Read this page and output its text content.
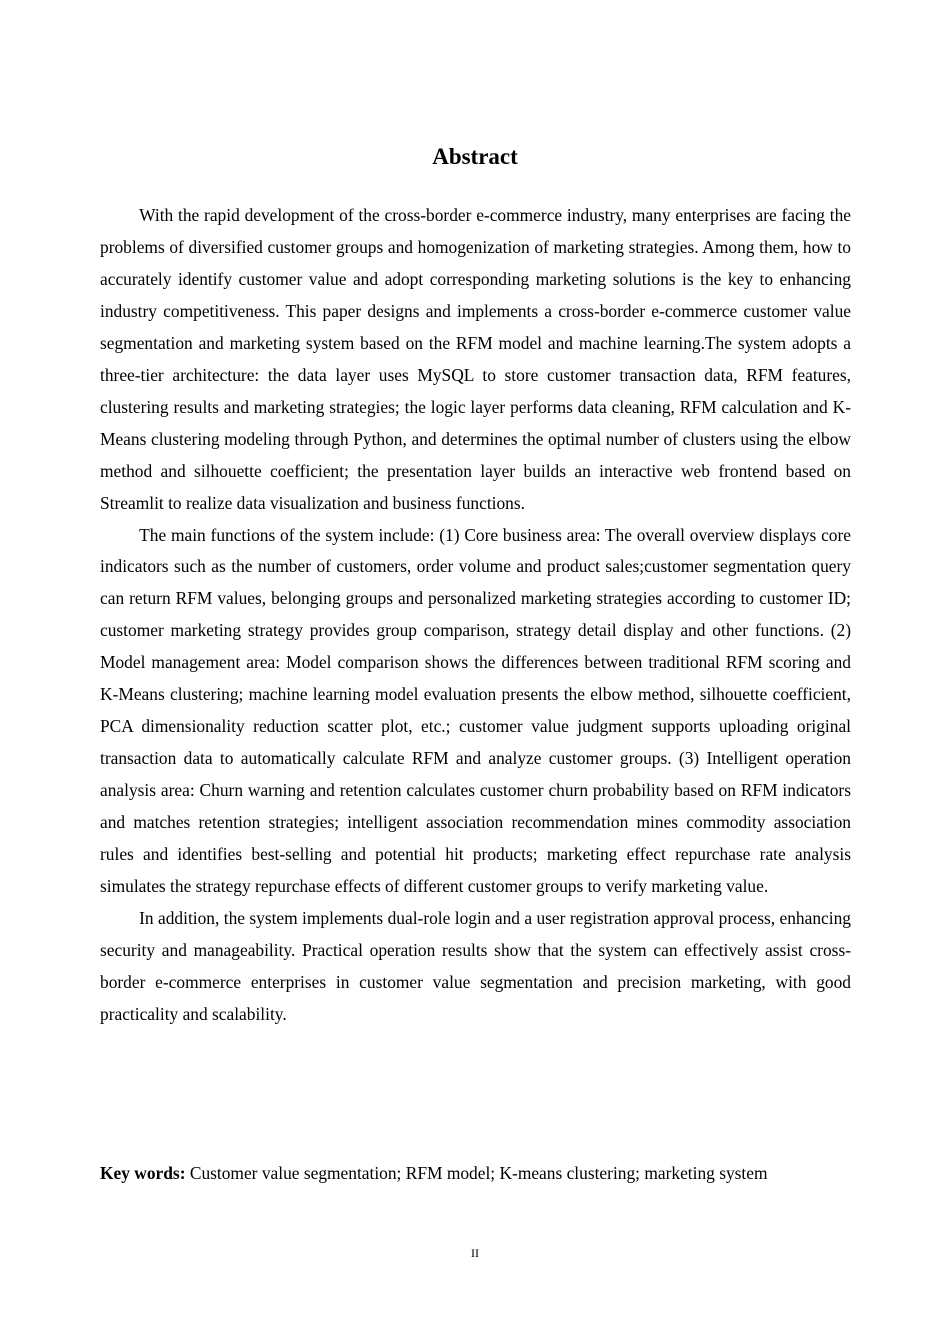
Abstract

With the rapid development of the cross-border e-commerce industry, many enterprises are facing the problems of diversified customer groups and homogenization of marketing strategies. Among them, how to accurately identify customer value and adopt corresponding marketing solutions is the key to enhancing industry competitiveness. This paper designs and implements a cross-border e-commerce customer value segmentation and marketing system based on the RFM model and machine learning.The system adopts a three-tier architecture: the data layer uses MySQL to store customer transaction data, RFM features, clustering results and marketing strategies; the logic layer performs data cleaning, RFM calculation and K-Means clustering modeling through Python, and determines the optimal number of clusters using the elbow method and silhouette coefficient; the presentation layer builds an interactive web frontend based on Streamlit to realize data visualization and business functions.

The main functions of the system include: (1) Core business area: The overall overview displays core indicators such as the number of customers, order volume and product sales;customer segmentation query can return RFM values, belonging groups and personalized marketing strategies according to customer ID; customer marketing strategy provides group comparison, strategy detail display and other functions. (2) Model management area: Model comparison shows the differences between traditional RFM scoring and K-Means clustering; machine learning model evaluation presents the elbow method, silhouette coefficient, PCA dimensionality reduction scatter plot, etc.; customer value judgment supports uploading original transaction data to automatically calculate RFM and analyze customer groups. (3) Intelligent operation analysis area: Churn warning and retention calculates customer churn probability based on RFM indicators and matches retention strategies; intelligent association recommendation mines commodity association rules and identifies best-selling and potential hit products; marketing effect repurchase rate analysis simulates the strategy repurchase effects of different customer groups to verify marketing value.

In addition, the system implements dual-role login and a user registration approval process, enhancing security and manageability. Practical operation results show that the system can effectively assist cross-border e-commerce enterprises in customer value segmentation and precision marketing, with good practicality and scalability.

Key words: Customer value segmentation; RFM model; K-means clustering; marketing system

II
